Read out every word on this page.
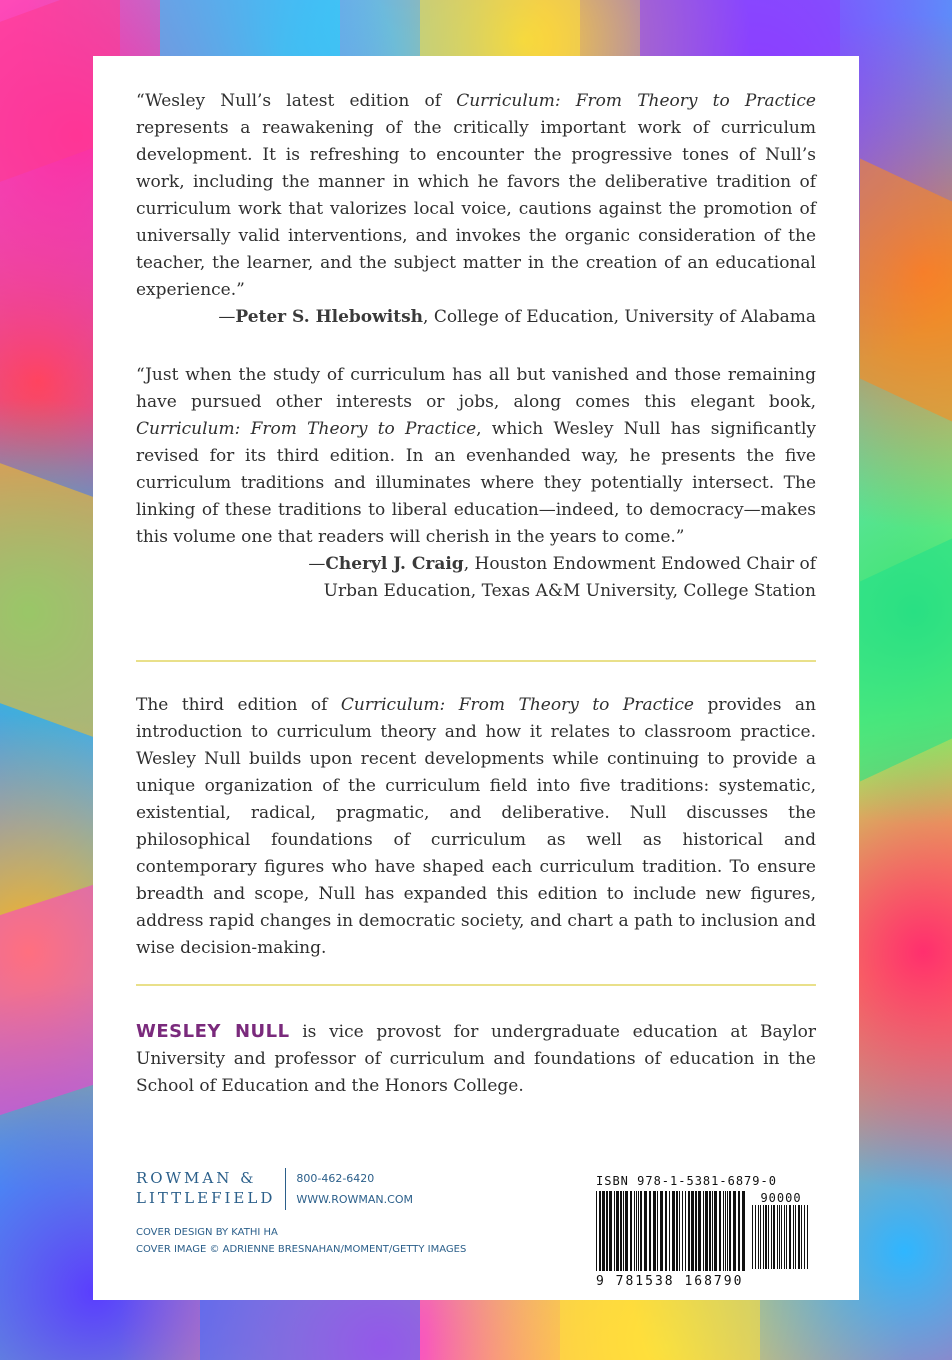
“Wesley Null’s latest edition of Curriculum: From Theory to Practice represents a reawakening of the critically important work of curriculum development. It is refreshing to encounter the progressive tones of Null’s work, including the manner in which he favors the deliberative tradition of curriculum work that valorizes local voice, cautions against the promotion of universally valid interventions, and invokes the organic consideration of the teacher, the learner, and the subject matter in the creation of an educational experience.”

—Peter S. Hlebowitsh, College of Education, University of Alabama

“Just when the study of curriculum has all but vanished and those remaining have pursued other interests or jobs, along comes this elegant book, Curriculum: From Theory to Practice, which Wesley Null has significantly revised for its third edition. In an evenhanded way, he presents the five curriculum traditions and illuminates where they potentially intersect. The linking of these traditions to liberal education—indeed, to democracy—makes this volume one that readers will cherish in the years to come.”

—Cheryl J. Craig, Houston Endowment Endowed Chair of
Urban Education, Texas A&M University, College Station

The third edition of Curriculum: From Theory to Practice provides an introduction to curriculum theory and how it relates to classroom practice. Wesley Null builds upon recent developments while continuing to provide a unique organization of the curriculum field into five traditions: systematic, existential, radical, pragmatic, and deliberative. Null discusses the philosophical foundations of curriculum as well as historical and contemporary figures who have shaped each curriculum tradition. To ensure breadth and scope, Null has expanded this edition to include new figures, address rapid changes in democratic society, and chart a path to inclusion and wise decision-making.

WESLEY NULL is vice provost for undergraduate education at Baylor University and professor of curriculum and foundations of education in the School of Education and the Honors College.

ROWMAN &
LITTLEFIELD
800-462-6420
WWW.ROWMAN.COM
COVER DESIGN BY KATHI HA
COVER IMAGE © ADRIENNE BRESNAHAN/MOMENT/GETTY IMAGES
ISBN 978-1-5381-6879-0
90000
9 781538 168790
